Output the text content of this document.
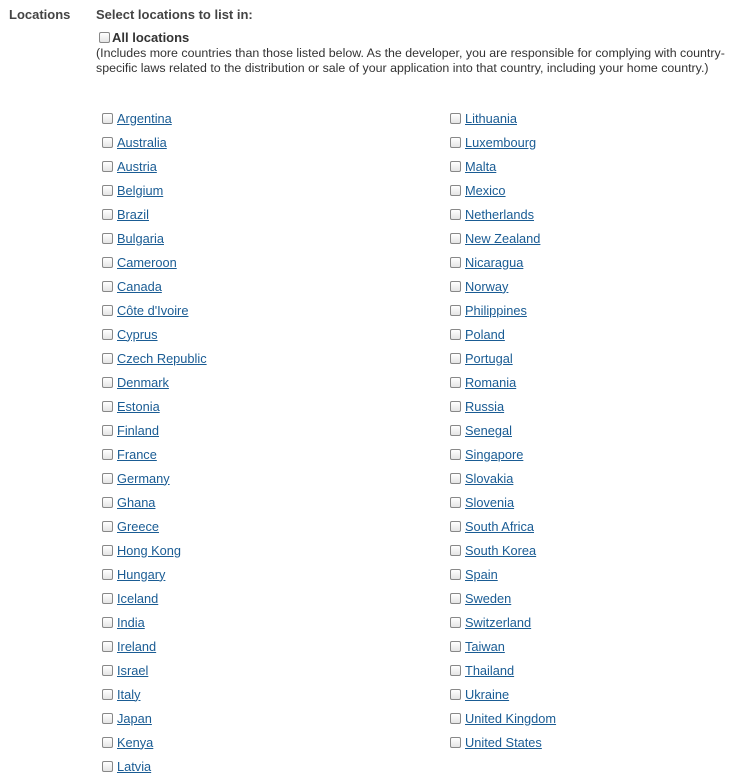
Locations Select locations to list in:
All locations
(Includes more countries than those listed below. As the developer, you are responsible for complying with country-specific laws related to the distribution or sale of your application into that country, including your home country.)
Argentina
Australia
Austria
Belgium
Brazil
Bulgaria
Cameroon
Canada
Côte d'Ivoire
Cyprus
Czech Republic
Denmark
Estonia
Finland
France
Germany
Ghana
Greece
Hong Kong
Hungary
Iceland
India
Ireland
Israel
Italy
Japan
Kenya
Latvia
Lithuania
Luxembourg
Malta
Mexico
Netherlands
New Zealand
Nicaragua
Norway
Philippines
Poland
Portugal
Romania
Russia
Senegal
Singapore
Slovakia
Slovenia
South Africa
South Korea
Spain
Sweden
Switzerland
Taiwan
Thailand
Ukraine
United Kingdom
United States
